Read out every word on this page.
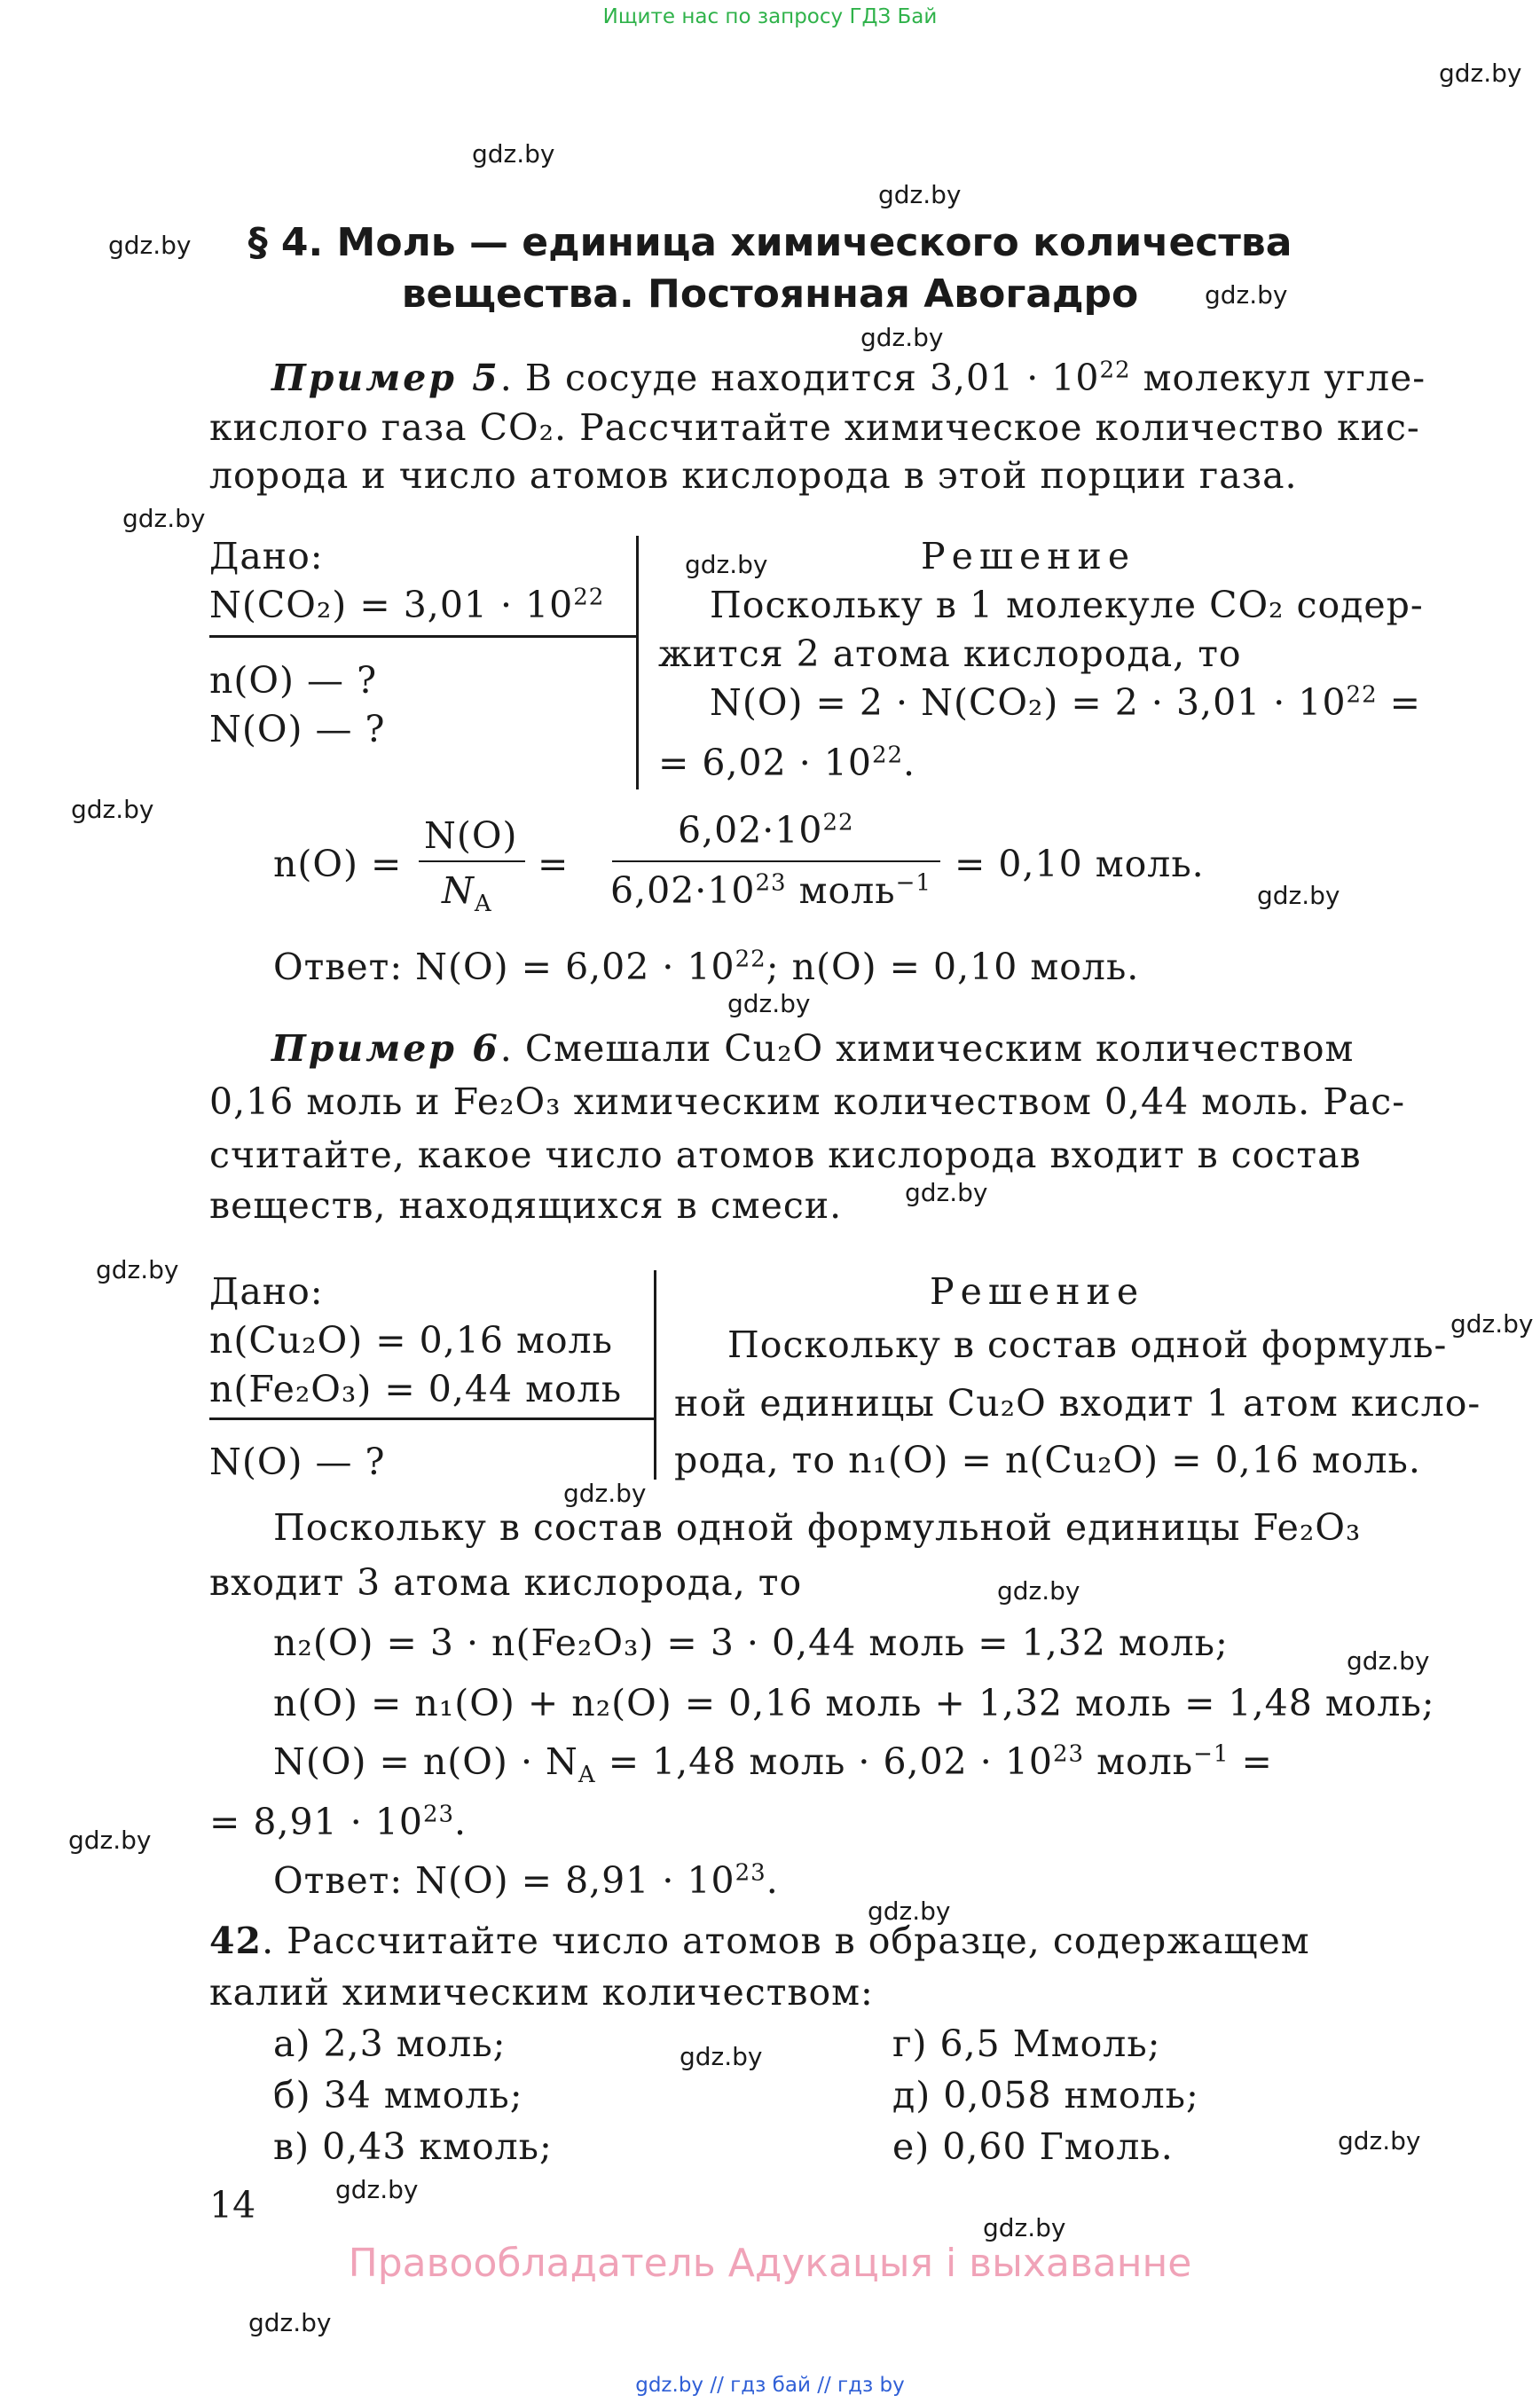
Ищите нас по запросу ГДЗ Бай
gdz.by
gdz.by
gdz.by
gdz.by
gdz.by
gdz.by
gdz.by
gdz.by
gdz.by
gdz.by
gdz.by
gdz.by
gdz.by
gdz.by
gdz.by
gdz.by
gdz.by
gdz.by
gdz.by
gdz.by
gdz.by
gdz.by
gdz.by
gdz.by
§ 4. Моль — единица химического количества
вещества. Постоянная Авогадро
Пример 5. В сосуде находится $3,01 \cdot 10^{22}$ молекул угле-
кислого газа CO₂. Рассчитайте химическое количество кис-
лорода и число атомов кислорода в этой порции газа.
Дано:
$N(CO_2) = 3,01 \cdot 10^{22}$
n(O) — ?
N(O) — ?
Решение
Поскольку в 1 молекуле CO₂ содер-
жится 2 атома кислорода, то
$N(O) = 2 \cdot N(CO_2) = 2 \cdot 3,01 \cdot 10^{22}$ =
= $6,02 \cdot 10^{22}$.
n(O) =
N(O)
$N_A$
=
$6,02\cdot 10^{22}$
$6,02\cdot 10^{23}$ моль$^{-1}$ = 0,10 моль.
Ответ: $N(O) = 6,02 \cdot 10^{22}$; n(O) = 0,10 моль.
Пример 6. Смешали Cu₂O химическим количеством
0,16 моль и Fe₂O₃ химическим количеством 0,44 моль. Рас-
считайте, какое число атомов кислорода входит в состав
веществ, находящихся в смеси.
Дано:
n(Cu₂O) = 0,16 моль
n(Fe₂O₃) = 0,44 моль
N(O) — ?
Решение
Поскольку в состав одной формуль-
ной единицы Cu₂O входит 1 атом кисло-
рода, то n₁(O) = n(Cu₂O) = 0,16 моль.
Поскольку в состав одной формульной единицы Fe₂O₃
входит 3 атома кислорода, то
n₂(O) = 3 · n(Fe₂O₃) = 3 · 0,44 моль = 1,32 моль;
n(O) = n₁(O) + n₂(O) = 0,16 моль + 1,32 моль = 1,48 моль;
$N(O) = n(O) \cdot N_A = 1,48$ моль · $6,02 \cdot 10^{23}$ моль$^{-1}$ =
= $8,91 \cdot 10^{23}$.
Ответ: $N(O) = 8,91 \cdot 10^{23}$.
42. Рассчитайте число атомов в образце, содержащем
калий химическим количеством:
а) 2,3 моль;
б) 34 ммоль;
в) 0,43 кмоль;
г) 6,5 Ммоль;
д) 0,058 нмоль;
е) 0,60 Гмоль.
14
Правообладатель Адукацыя і выхаванне
gdz.by // гдз бай // гдз by
